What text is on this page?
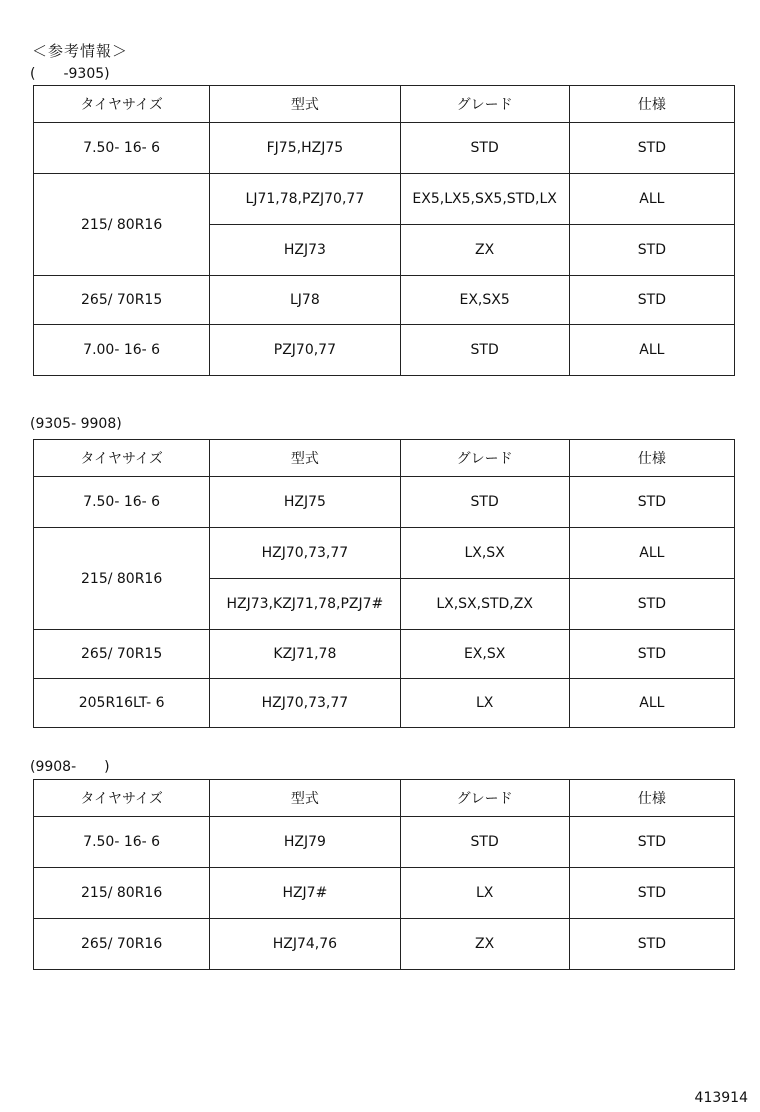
＜参考情報＞
(　　-9305)
タイヤサイズ	型式	グレード	仕様
7.50- 16- 6	FJ75,HZJ75	STD	STD
215/ 80R16	LJ71,78,PZJ70,77	EX5,LX5,SX5,STD,LX	ALL
	HZJ73	ZX	STD
265/ 70R15	LJ78	EX,SX5	STD
7.00- 16- 6	PZJ70,77	STD	ALL
(9305- 9908)
タイヤサイズ	型式	グレード	仕様
7.50- 16- 6	HZJ75	STD	STD
215/ 80R16	HZJ70,73,77	LX,SX	ALL
	HZJ73,KZJ71,78,PZJ7#	LX,SX,STD,ZX	STD
265/ 70R15	KZJ71,78	EX,SX	STD
205R16LT- 6	HZJ70,73,77	LX	ALL
(9908-　　)
タイヤサイズ	型式	グレード	仕様
7.50- 16- 6	HZJ79	STD	STD
215/ 80R16	HZJ7#	LX	STD
265/ 70R16	HZJ74,76	ZX	STD
413914
